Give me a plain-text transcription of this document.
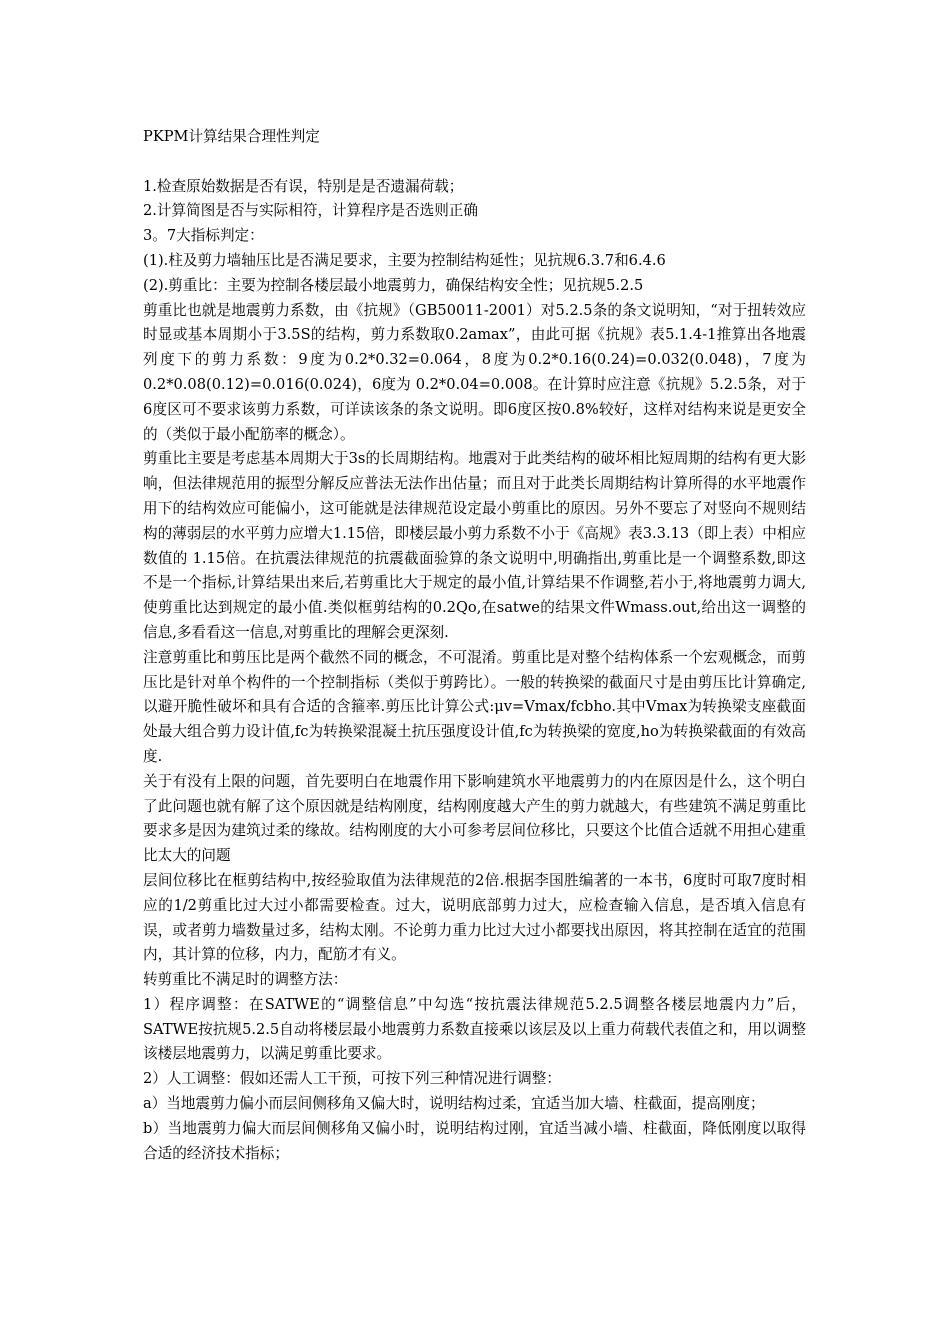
PKPM计算结果合理性判定

1.检查原始数据是否有误，特别是是否遗漏荷载；

2.计算简图是否与实际相符，计算程序是否选则正确

3。7大指标判定：

(1).柱及剪力墙轴压比是否满足要求，主要为控制结构延性；见抗规6.3.7和6.4.6

(2).剪重比：主要为控制各楼层最小地震剪力，确保结构安全性；见抗规5.2.5

剪重比也就是地震剪力系数，由《抗规》（GB50011-2001）对5.2.5条的条文说明知，“对于扭转效应时显或基本周期小于3.5S的结构，剪力系数取0.2amax”，由此可据《抗规》表5.1.4-1推算出各地震列度下的剪力系数：9度为0.2*0.32=0.064，8度为0.2*0.16(0.24)=0.032(0.048)，7度为0.2*0.08(0.12)=0.016(0.024)，6度为 0.2*0.04=0.008。在计算时应注意《抗规》5.2.5条，对于6度区可不要求该剪力系数，可详读该条的条文说明。即6度区按0.8%较好，这样对结构来说是更安全的（类似于最小配筋率的概念）。

剪重比主要是考虑基本周期大于3s的长周期结构。地震对于此类结构的破坏相比短周期的结构有更大影响，但法律规范用的振型分解反应普法无法作出估量；而且对于此类长周期结构计算所得的水平地震作用下的结构效应可能偏小，这可能就是法律规范设定最小剪重比的原因。另外不要忘了对竖向不规则结构的薄弱层的水平剪力应增大1.15倍，即楼层最小剪力系数不小于《高规》表3.3.13（即上表）中相应数值的 1.15倍。在抗震法律规范的抗震截面验算的条文说明中,明确指出,剪重比是一个调整系数,即这不是一个指标,计算结果出来后,若剪重比大于规定的最小值,计算结果不作调整,若小于,将地震剪力调大,使剪重比达到规定的最小值.类似框剪结构的0.2Qo,在satwe的结果文件Wmass.out,给出这一调整的信息,多看看这一信息,对剪重比的理解会更深刻.

注意剪重比和剪压比是两个截然不同的概念，不可混淆。剪重比是对整个结构体系一个宏观概念，而剪压比是针对单个构件的一个控制指标（类似于剪跨比）。一般的转换梁的截面尺寸是由剪压比计算确定,以避开脆性破坏和具有合适的含箍率.剪压比计算公式:μv=Vmax/fcbho.其中Vmax为转换梁支座截面处最大组合剪力设计值,fc为转换梁混凝土抗压强度设计值,fc为转换梁的宽度,ho为转换梁截面的有效高度.

关于有没有上限的问题，首先要明白在地震作用下影响建筑水平地震剪力的内在原因是什么，这个明白了此问题也就有解了这个原因就是结构刚度，结构刚度越大产生的剪力就越大，有些建筑不满足剪重比要求多是因为建筑过柔的缘故。结构刚度的大小可参考层间位移比，只要这个比值合适就不用担心建重比太大的问题

层间位移比在框剪结构中,按经验取值为法律规范的2倍.根据李国胜编著的一本书，6度时可取7度时相应的1/2剪重比过大过小都需要检查。过大，说明底部剪力过大，应检查输入信息，是否填入信息有误，或者剪力墙数量过多，结构太刚。不论剪力重力比过大过小都要找出原因，将其控制在适宜的范围内，其计算的位移，内力，配筋才有义。

转剪重比不满足时的调整方法：

1）程序调整：在SATWE的“调整信息”中勾选“按抗震法律规范5.2.5调整各楼层地震内力”后，SATWE按抗规5.2.5自动将楼层最小地震剪力系数直接乘以该层及以上重力荷载代表值之和，用以调整该楼层地震剪力，以满足剪重比要求。

2）人工调整：假如还需人工干预，可按下列三种情况进行调整：

a）当地震剪力偏小而层间侧移角又偏大时，说明结构过柔，宜适当加大墙、柱截面，提高刚度；

b）当地震剪力偏大而层间侧移角又偏小时，说明结构过刚，宜适当减小墙、柱截面，降低刚度以取得合适的经济技术指标；
